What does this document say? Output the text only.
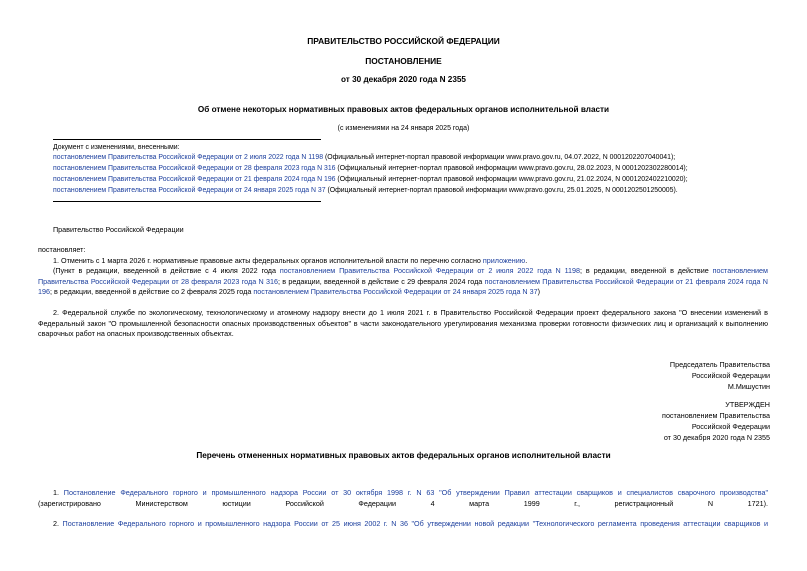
ПРАВИТЕЛЬСТВО РОССИЙСКОЙ ФЕДЕРАЦИИ
ПОСТАНОВЛЕНИЕ
от 30 декабря 2020 года N 2355
Об отмене некоторых нормативных правовых актов федеральных органов исполнительной власти
(с изменениями на 24 января 2025 года)
Документ с изменениями, внесенными:
постановлением Правительства Российской Федерации от 2 июля 2022 года N 1198 (Официальный интернет-портал правовой информации www.pravo.gov.ru, 04.07.2022, N 0001202207040041);
постановлением Правительства Российской Федерации от 28 февраля 2023 года N 316 (Официальный интернет-портал правовой информации www.pravo.gov.ru, 28.02.2023, N 0001202302280014);
постановлением Правительства Российской Федерации от 21 февраля 2024 года N 196 (Официальный интернет-портал правовой информации www.pravo.gov.ru, 21.02.2024, N 0001202402210020);
постановлением Правительства Российской Федерации от 24 января 2025 года N 37 (Официальный интернет-портал правовой информации www.pravo.gov.ru, 25.01.2025, N 0001202501250005).
Правительство Российской Федерации
постановляет:
1. Отменить с 1 марта 2026 г. нормативные правовые акты федеральных органов исполнительной власти по перечню согласно приложению.
(Пункт в редакции, введенной в действие с 4 июля 2022 года постановлением Правительства Российской Федерации от 2 июля 2022 года N 1198; в редакции, введенной в действие постановлением Правительства Российской Федерации от 28 февраля 2023 года N 316; в редакции, введенной в действие с 29 февраля 2024 года постановлением Правительства Российской Федерации от 21 февраля 2024 года N 196; в редакции, введенной в действие со 2 февраля 2025 года постановлением Правительства Российской Федерации от 24 января 2025 года N 37)
2. Федеральной службе по экологическому, технологическому и атомному надзору внести до 1 июля 2021 г. в Правительство Российской Федерации проект федерального закона "О внесении изменений в Федеральный закон "О промышленной безопасности опасных производственных объектов" в части законодательного урегулирования механизма проверки готовности физических лиц и организаций к выполнению сварочных работ на опасных производственных объектах.
Председатель Правительства
Российской Федерации
М.Мишустин
УТВЕРЖДЕН
постановлением Правительства
Российской Федерации
от 30 декабря 2020 года N 2355
Перечень отмененных нормативных правовых актов федеральных органов исполнительной власти
1. Постановление Федерального горного и промышленного надзора России от 30 октября 1998 г. N 63 "Об утверждении Правил аттестации сварщиков и специалистов сварочного производства" (зарегистрировано Министерством юстиции Российской Федерации 4 марта 1999 г., регистрационный N 1721).
2. Постановление Федерального горного и промышленного надзора России от 25 июня 2002 г. N 36 "Об утверждении новой редакции "Технологического регламента проведения аттестации сварщиков и
